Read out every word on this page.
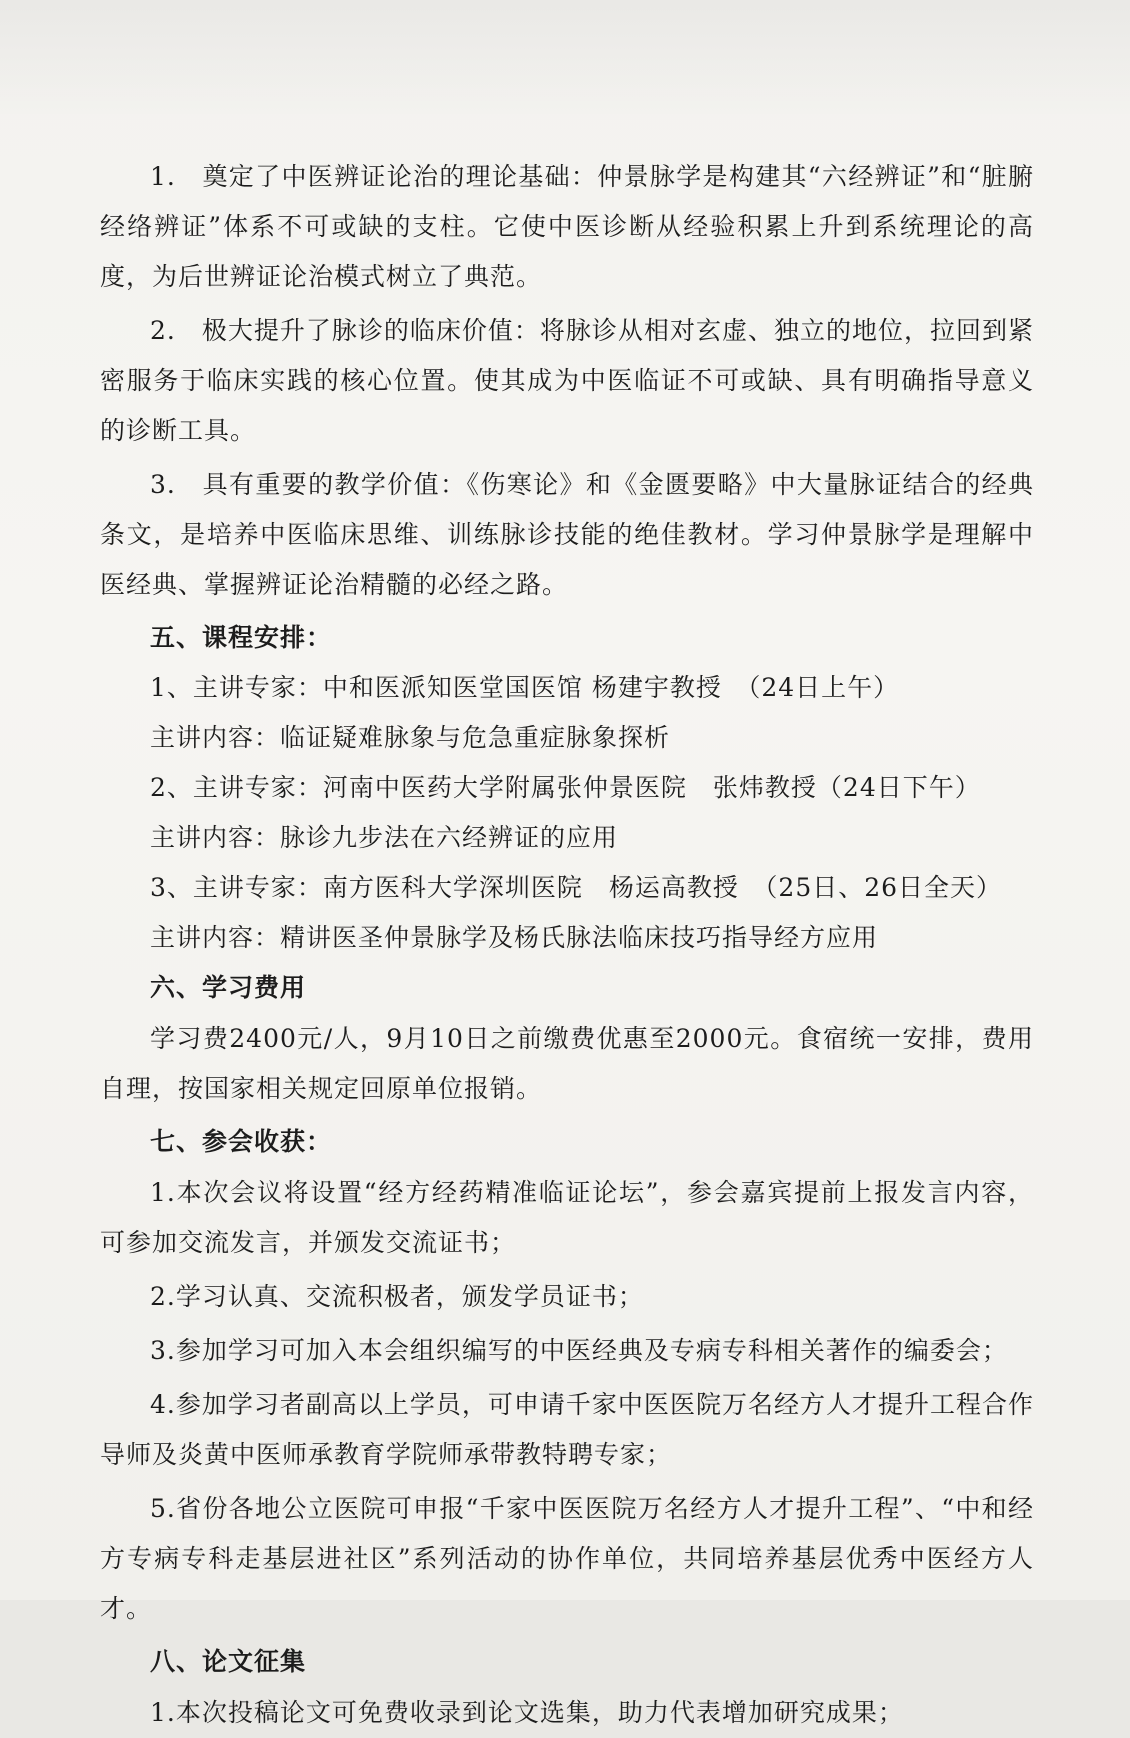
1.　奠定了中医辨证论治的理论基础：仲景脉学是构建其“六经辨证”和“脏腑经络辨证”体系不可或缺的支柱。它使中医诊断从经验积累上升到系统理论的高度，为后世辨证论治模式树立了典范。

2.　极大提升了脉诊的临床价值：将脉诊从相对玄虚、独立的地位，拉回到紧密服务于临床实践的核心位置。使其成为中医临证不可或缺、具有明确指导意义的诊断工具。

3.　具有重要的教学价值：《伤寒论》和《金匮要略》中大量脉证结合的经典条文，是培养中医临床思维、训练脉诊技能的绝佳教材。学习仲景脉学是理解中医经典、掌握辨证论治精髓的必经之路。

五、课程安排：
1、主讲专家：中和医派知医堂国医馆 杨建宇教授　（24日上午）
主讲内容：临证疑难脉象与危急重症脉象探析
2、主讲专家：河南中医药大学附属张仲景医院　张炜教授（24日下午）
主讲内容：脉诊九步法在六经辨证的应用
3、主讲专家：南方医科大学深圳医院　杨运高教授　（25日、26日全天）
主讲内容：精讲医圣仲景脉学及杨氏脉法临床技巧指导经方应用
六、学习费用

学习费2400元/人，9月10日之前缴费优惠至2000元。食宿统一安排，费用自理，按国家相关规定回原单位报销。

七、参会收获：

1.本次会议将设置“经方经药精准临证论坛”，参会嘉宾提前上报发言内容，可参加交流发言，并颁发交流证书；

2.学习认真、交流积极者，颁发学员证书；

3.参加学习可加入本会组织编写的中医经典及专病专科相关著作的编委会；

4.参加学习者副高以上学员，可申请千家中医医院万名经方人才提升工程合作导师及炎黄中医师承教育学院师承带教特聘专家；

5.省份各地公立医院可申报“千家中医医院万名经方人才提升工程”、“中和经方专病专科走基层进社区”系列活动的协作单位，共同培养基层优秀中医经方人才。

八、论文征集

1.本次投稿论文可免费收录到论文选集，助力代表增加研究成果；
